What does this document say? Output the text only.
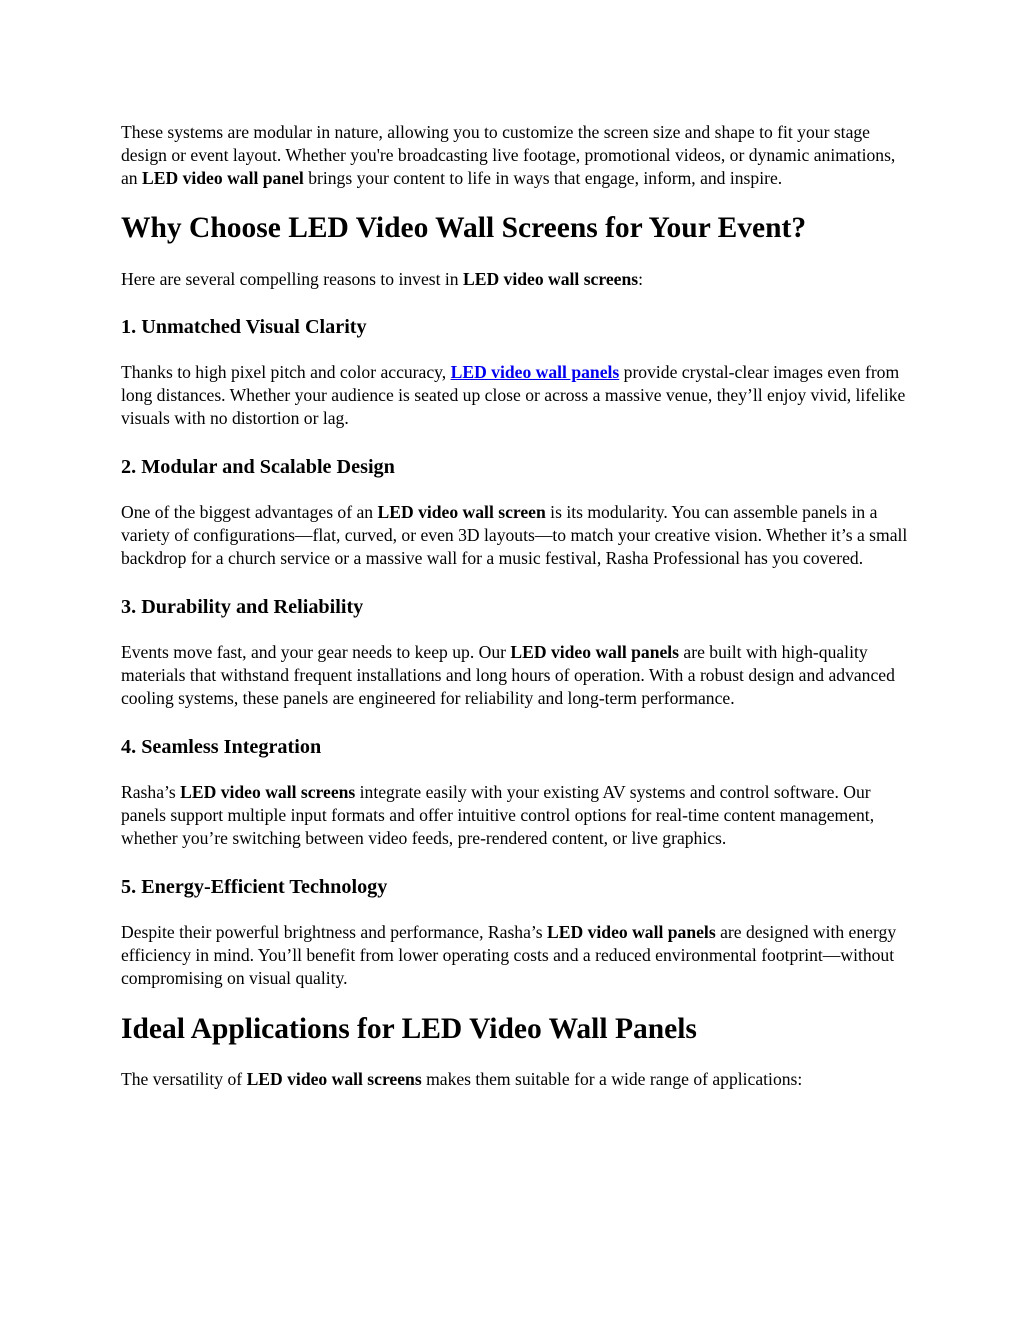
These systems are modular in nature, allowing you to customize the screen size and shape to fit your stage design or event layout. Whether you're broadcasting live footage, promotional videos, or dynamic animations, an LED video wall panel brings your content to life in ways that engage, inform, and inspire.

Why Choose LED Video Wall Screens for Your Event?

Here are several compelling reasons to invest in LED video wall screens:

1. Unmatched Visual Clarity

Thanks to high pixel pitch and color accuracy, LED video wall panels provide crystal-clear images even from long distances. Whether your audience is seated up close or across a massive venue, they’ll enjoy vivid, lifelike visuals with no distortion or lag.

2. Modular and Scalable Design

One of the biggest advantages of an LED video wall screen is its modularity. You can assemble panels in a variety of configurations—flat, curved, or even 3D layouts—to match your creative vision. Whether it’s a small backdrop for a church service or a massive wall for a music festival, Rasha Professional has you covered.

3. Durability and Reliability

Events move fast, and your gear needs to keep up. Our LED video wall panels are built with high-quality materials that withstand frequent installations and long hours of operation. With a robust design and advanced cooling systems, these panels are engineered for reliability and long-term performance.

4. Seamless Integration

Rasha’s LED video wall screens integrate easily with your existing AV systems and control software. Our panels support multiple input formats and offer intuitive control options for real-time content management, whether you’re switching between video feeds, pre-rendered content, or live graphics.

5. Energy-Efficient Technology

Despite their powerful brightness and performance, Rasha’s LED video wall panels are designed with energy efficiency in mind. You’ll benefit from lower operating costs and a reduced environmental footprint—without compromising on visual quality.

Ideal Applications for LED Video Wall Panels

The versatility of LED video wall screens makes them suitable for a wide range of applications:
